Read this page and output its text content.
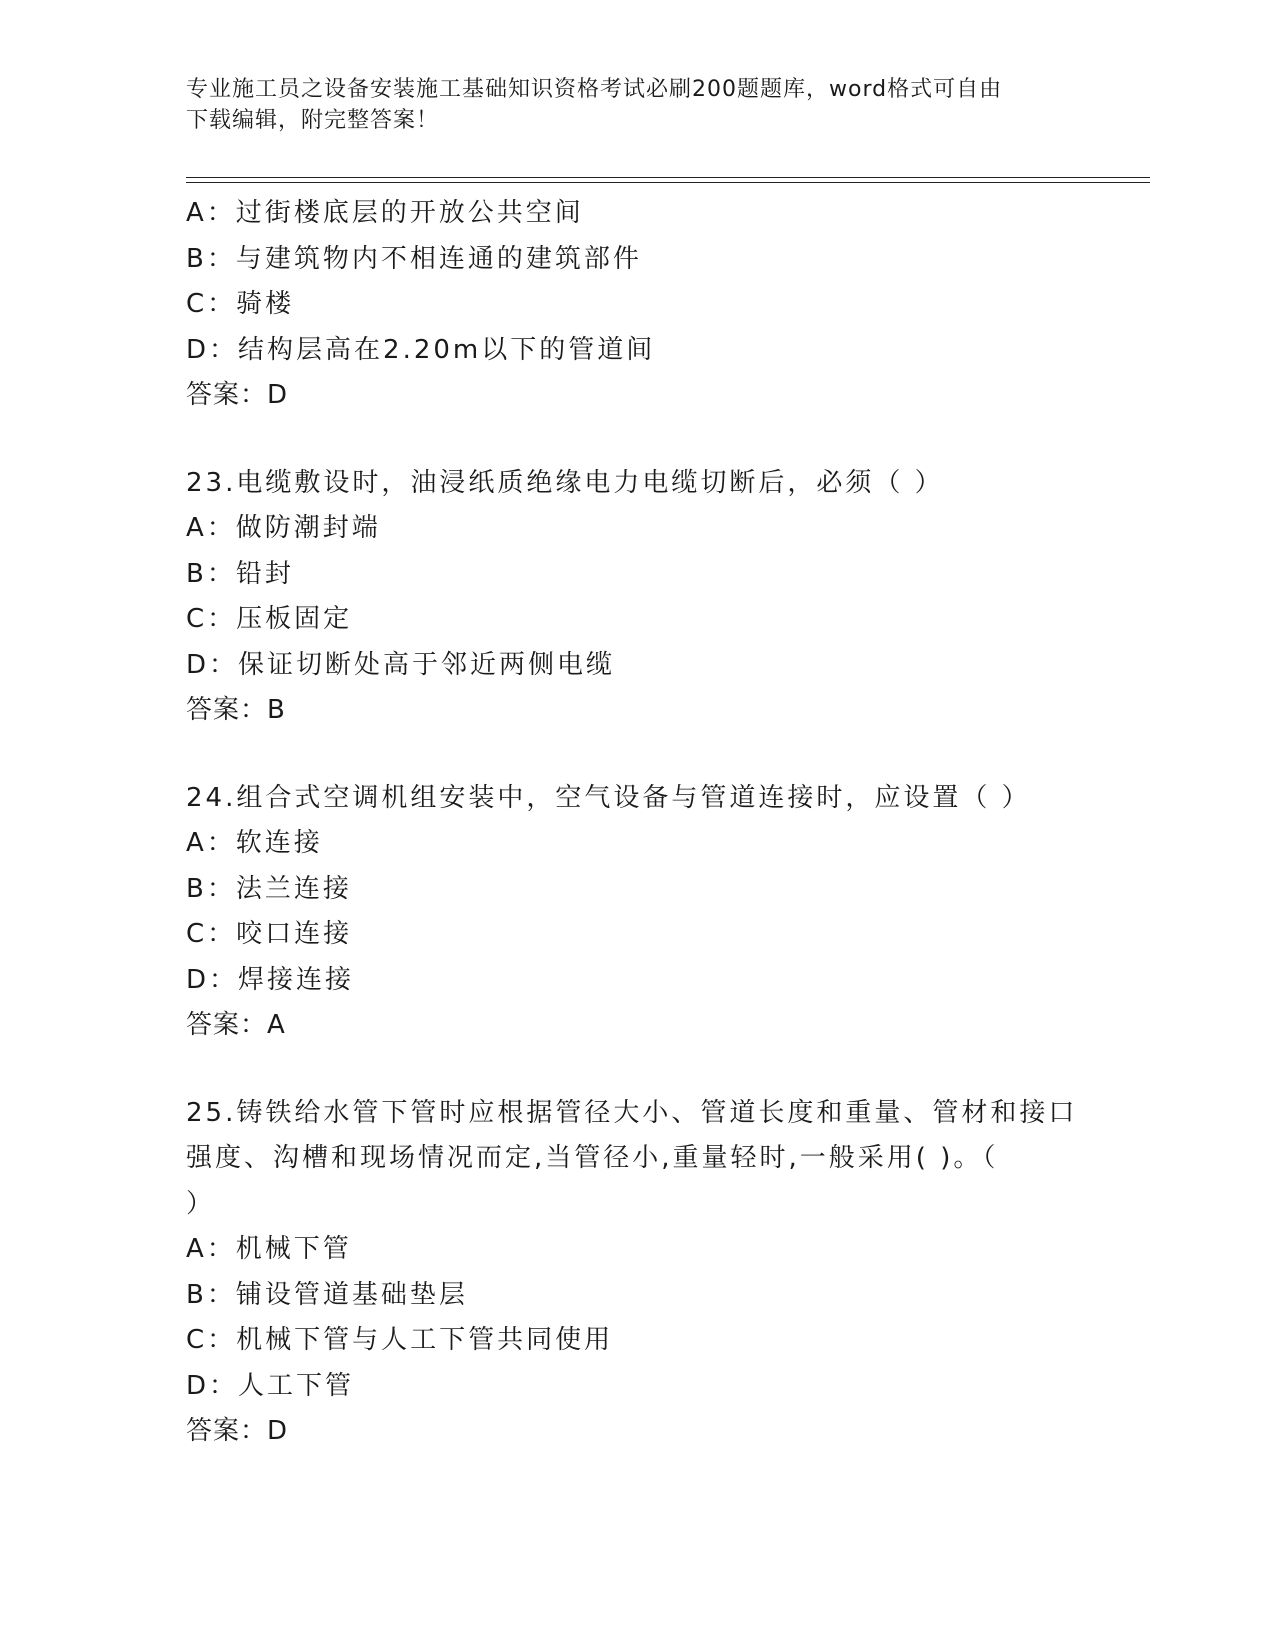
专业施工员之设备安装施工基础知识资格考试必刷200题题库，word格式可自由
下载编辑，附完整答案！
A：过街楼底层的开放公共空间
B：与建筑物内不相连通的建筑部件
C：骑楼
D：结构层高在2.20m以下的管道间
答案：D
23.电缆敷设时，油浸纸质绝缘电力电缆切断后，必须（ ）
A：做防潮封端
B：铅封
C：压板固定
D：保证切断处高于邻近两侧电缆
答案：B
24.组合式空调机组安装中，空气设备与管道连接时，应设置（ ）
A：软连接
B：法兰连接
C：咬口连接
D：焊接连接
答案：A
25.铸铁给水管下管时应根据管径大小、管道长度和重量、管材和接口
强度、沟槽和现场情况而定,当管径小,重量轻时,一般采用( )。（
）
A：机械下管
B：铺设管道基础垫层
C：机械下管与人工下管共同使用
D：人工下管
答案：D
